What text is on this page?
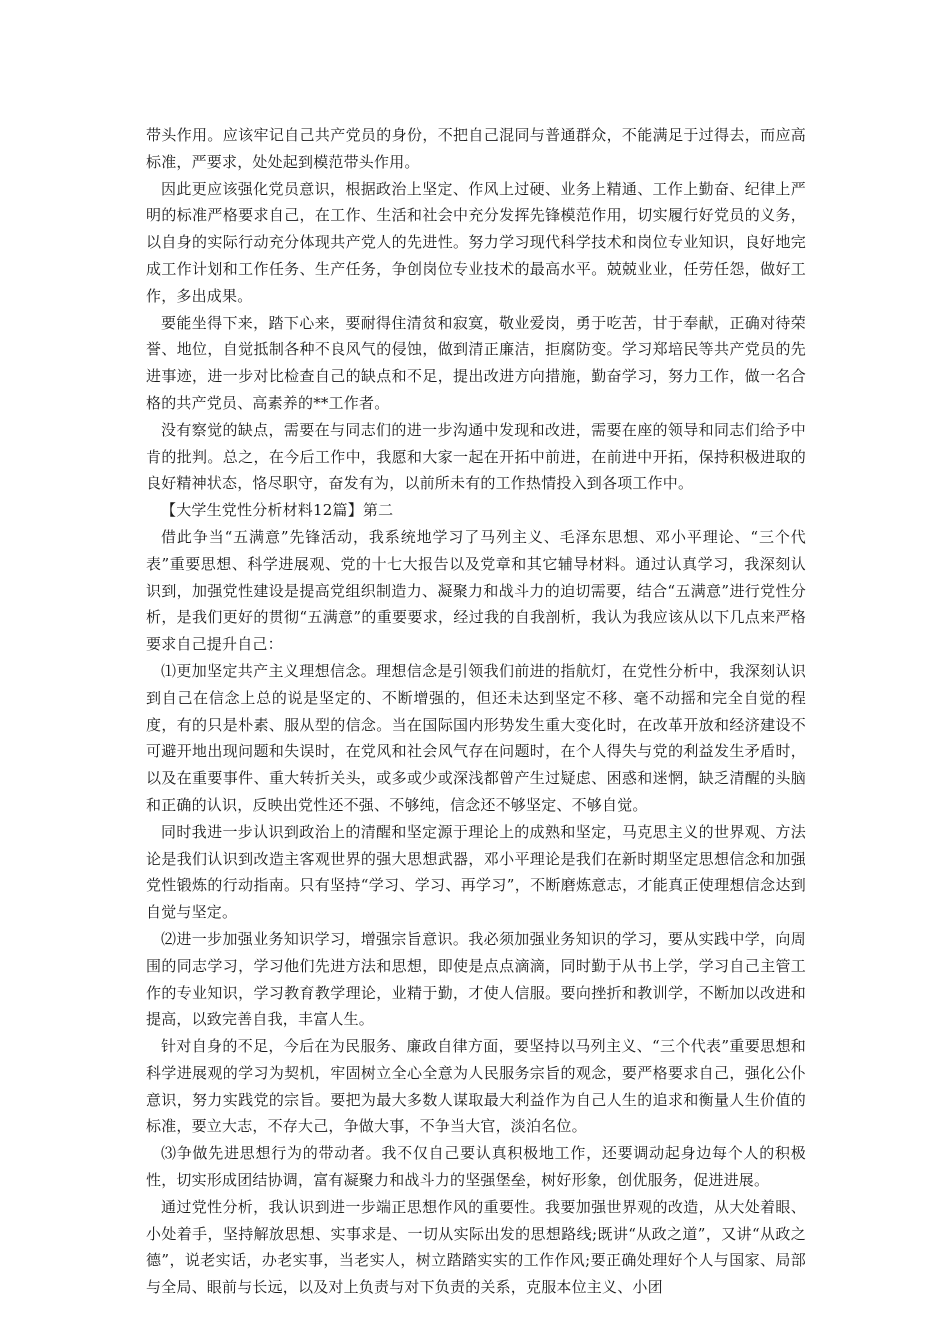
带头作用。应该牢记自己共产党员的身份，不把自己混同与普通群众，不能满足于过得去，而应高标准，严要求，处处起到模范带头作用。

因此更应该强化党员意识，根据政治上坚定、作风上过硬、业务上精通、工作上勤奋、纪律上严明的标准严格要求自己，在工作、生活和社会中充分发挥先锋模范作用，切实履行好党员的义务，以自身的实际行动充分体现共产党人的先进性。努力学习现代科学技术和岗位专业知识，良好地完成工作计划和工作任务、生产任务，争创岗位专业技术的最高水平。兢兢业业，任劳任怨，做好工作，多出成果。

要能坐得下来，踏下心来，要耐得住清贫和寂寞，敬业爱岗，勇于吃苦，甘于奉献，正确对待荣誉、地位，自觉抵制各种不良风气的侵蚀，做到清正廉洁，拒腐防变。学习郑培民等共产党员的先进事迹，进一步对比检查自己的缺点和不足，提出改进方向措施，勤奋学习，努力工作，做一名合格的共产党员、高素养的**工作者。

没有察觉的缺点，需要在与同志们的进一步沟通中发现和改进，需要在座的领导和同志们给予中肯的批判。总之，在今后工作中，我愿和大家一起在开拓中前进，在前进中开拓，保持积极进取的良好精神状态，恪尽职守，奋发有为，以前所未有的工作热情投入到各项工作中。

【大学生党性分析材料12篇】第二

借此争当“五满意”先锋活动，我系统地学习了马列主义、毛泽东思想、邓小平理论、“三个代表”重要思想、科学进展观、党的十七大报告以及党章和其它辅导材料。通过认真学习，我深刻认识到，加强党性建设是提高党组织制造力、凝聚力和战斗力的迫切需要，结合“五满意”进行党性分析，是我们更好的贯彻“五满意”的重要要求，经过我的自我剖析，我认为我应该从以下几点来严格要求自己提升自己：

⑴更加坚定共产主义理想信念。理想信念是引领我们前进的指航灯，在党性分析中，我深刻认识到自己在信念上总的说是坚定的、不断增强的，但还未达到坚定不移、毫不动摇和完全自觉的程度，有的只是朴素、服从型的信念。当在国际国内形势发生重大变化时，在改革开放和经济建设不可避开地出现问题和失误时，在党风和社会风气存在问题时，在个人得失与党的利益发生矛盾时，以及在重要事件、重大转折关头，或多或少或深浅都曾产生过疑虑、困惑和迷惘，缺乏清醒的头脑和正确的认识，反映出党性还不强、不够纯，信念还不够坚定、不够自觉。

同时我进一步认识到政治上的清醒和坚定源于理论上的成熟和坚定，马克思主义的世界观、方法论是我们认识到改造主客观世界的强大思想武器，邓小平理论是我们在新时期坚定思想信念和加强党性锻炼的行动指南。只有坚持“学习、学习、再学习”，不断磨炼意志，才能真正使理想信念达到自觉与坚定。

⑵进一步加强业务知识学习，增强宗旨意识。我必须加强业务知识的学习，要从实践中学，向周围的同志学习，学习他们先进方法和思想，即使是点点滴滴，同时勤于从书上学，学习自己主管工作的专业知识，学习教育教学理论，业精于勤，才使人信服。要向挫折和教训学，不断加以改进和提高，以致完善自我，丰富人生。

针对自身的不足，今后在为民服务、廉政自律方面，要坚持以马列主义、“三个代表”重要思想和科学进展观的学习为契机，牢固树立全心全意为人民服务宗旨的观念，要严格要求自己，强化公仆意识，努力实践党的宗旨。要把为最大多数人谋取最大利益作为自己人生的追求和衡量人生价值的标准，要立大志，不存大己，争做大事，不争当大官，淡泊名位。

⑶争做先进思想行为的带动者。我不仅自己要认真积极地工作，还要调动起身边每个人的积极性，切实形成团结协调，富有凝聚力和战斗力的坚强堡垒，树好形象，创优服务，促进进展。

通过党性分析，我认识到进一步端正思想作风的重要性。我要加强世界观的改造，从大处着眼、小处着手，坚持解放思想、实事求是、一切从实际出发的思想路线;既讲“从政之道”，又讲“从政之德”，说老实话，办老实事，当老实人，树立踏踏实实的工作作风;要正确处理好个人与国家、局部与全局、眼前与长远，以及对上负责与对下负责的关系，克服本位主义、小团
